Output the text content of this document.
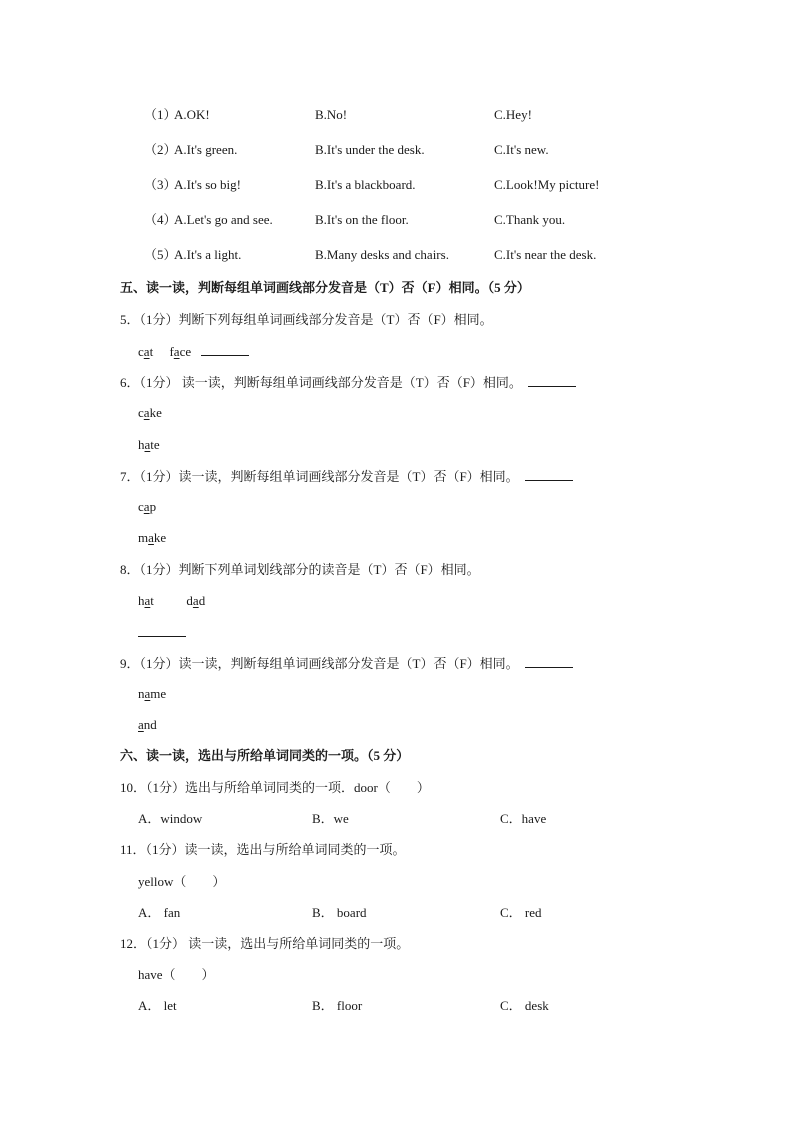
（1）
A.OK!	B.No!	C.Hey!
（2）
A.It's green.	B.It's under the desk.	C.It's new.
（3）
A.It's so big!	B.It's a blackboard.	C.Look!My picture!
（4）
A.Let's go and see.	B.It's on the floor.	C.Thank you.
（5）
A.It's a light.	B.Many desks and chairs.	C.It's near the desk.
五、读一读，判断每组单词画线部分发音是（T）否（F）相同。（5 分）
5．（1分）判断下列每组单词画线部分发音是（T）否（F）相同。
cat face
6．（1分） 读一读，判断每组单词画线部分发音是（T）否（F）相同。
cake
hate
7．（1分）读一读，判断每组单词画线部分发音是（T）否（F）相同。
cap
make
8．（1分）判断下列单词划线部分的读音是（T）否（F）相同。
hat	dad
9．（1分）读一读，判断每组单词画线部分发音是（T）否（F）相同。
name
and
六、读一读，选出与所给单词同类的一项。（5 分）
10．（1分）选出与所给单词同类的一项．door（　　）
A．window	B．we	C．have
11．（1分）读一读，选出与所给单词同类的一项。
yellow（　　）
A． fan	B． board	C． red
12．（1分） 读一读，选出与所给单词同类的一项。
have（　　）
A． let	B． floor	C． desk
